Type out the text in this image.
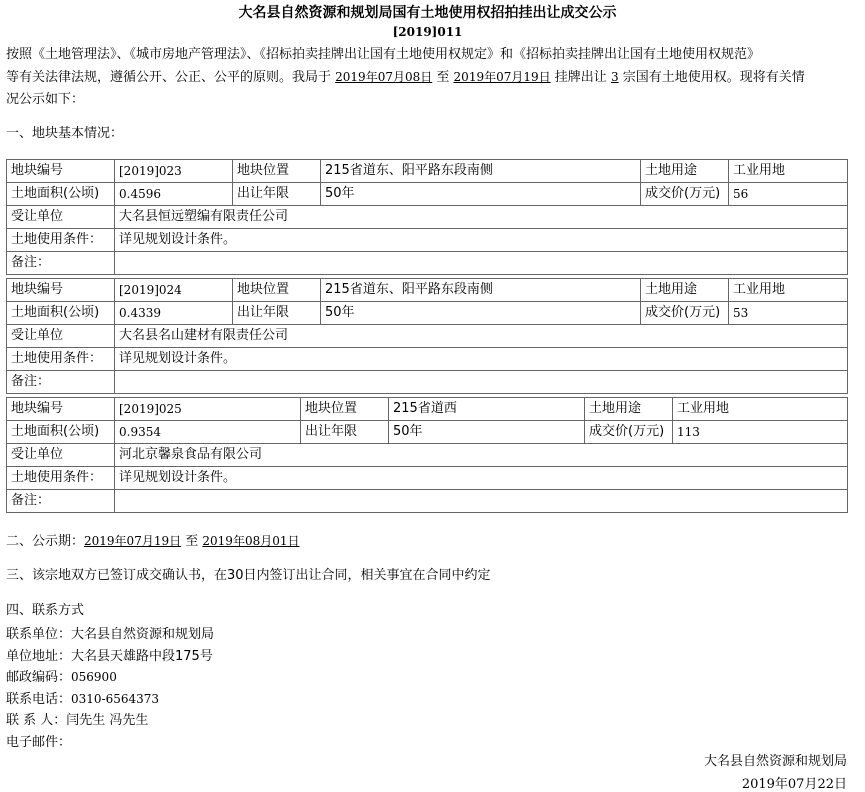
大名县自然资源和规划局国有土地使用权招拍挂出让成交公示
[2019]011
按照《土地管理法》、《城市房地产管理法》、《招标拍卖挂牌出让国有土地使用权规定》和《招标拍卖挂牌出让国有土地使用权规范》
等有关法律法规，遵循公开、公正、公平的原则。我局于 2019年07月08日 至 2019年07月19日 挂牌出让 3 宗国有土地使用权。现将有关情
况公示如下：
一、地块基本情况：
地块编号	[2019]023	地块位置	215省道东、阳平路东段南侧	土地用途	工业用地
土地面积(公顷)	0.4596	出让年限	50年	成交价(万元)	56
受让单位	大名县恒远塑编有限责任公司				
土地使用条件：	详见规划设计条件。				
备注：					
地块编号	[2019]024	地块位置	215省道东、阳平路东段南侧	土地用途	工业用地
土地面积(公顷)	0.4339	出让年限	50年	成交价(万元)	53
受让单位	大名县名山建材有限责任公司				
土地使用条件：	详见规划设计条件。				
备注：					
地块编号	[2019]025	地块位置	215省道西	土地用途	工业用地
土地面积(公顷)	0.9354	出让年限	50年	成交价(万元)	113
受让单位	河北京馨泉食品有限公司				
土地使用条件：	详见规划设计条件。				
备注：					
二、公示期：2019年07月19日 至 2019年08月01日
三、该宗地双方已签订成交确认书，在30日内签订出让合同，相关事宜在合同中约定
四、联系方式
联系单位：大名县自然资源和规划局
单位地址：大名县天雄路中段175号
邮政编码：056900
联系电话：0310-6564373
联 系 人：闫先生 冯先生
电子邮件：
大名县自然资源和规划局
2019年07月22日
